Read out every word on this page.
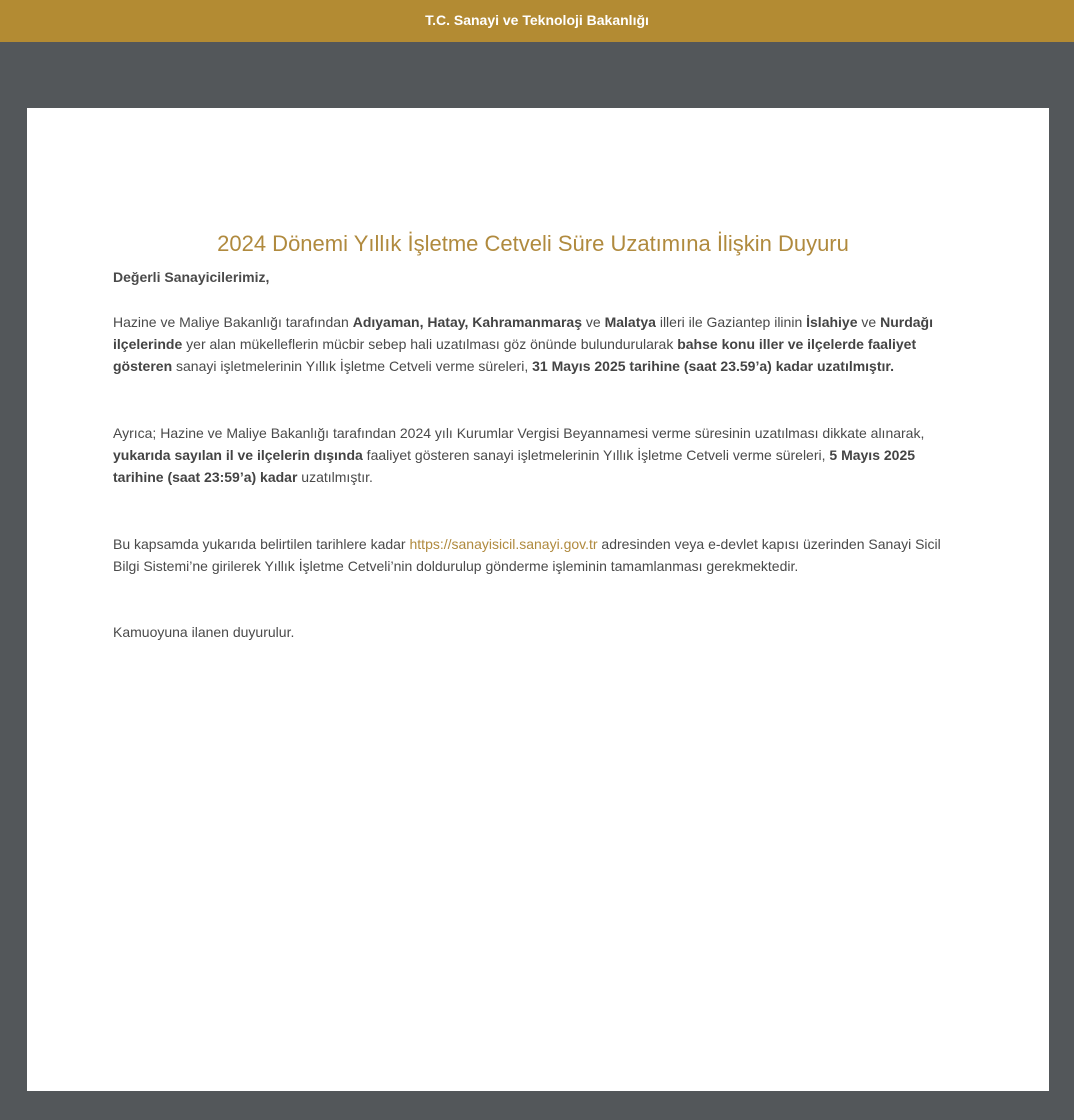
T.C. Sanayi ve Teknoloji Bakanlığı
2024 Dönemi Yıllık İşletme Cetveli Süre Uzatımına İlişkin Duyuru
Değerli Sanayicilerimiz,

Hazine ve Maliye Bakanlığı tarafından Adıyaman, Hatay, Kahramanmaraş ve Malatya illeri ile Gaziantep ilinin İslahiye ve Nurdağı ilçelerinde yer alan mükelleflerin mücbir sebep hali uzatılması göz önünde bulundurularak bahse konu iller ve ilçelerde faaliyet gösteren sanayi işletmelerinin Yıllık İşletme Cetveli verme süreleri, 31 Mayıs 2025 tarihine (saat 23.59’a) kadar uzatılmıştır.

Ayrıca; Hazine ve Maliye Bakanlığı tarafından 2024 yılı Kurumlar Vergisi Beyannamesi verme süresinin uzatılması dikkate alınarak, yukarıda sayılan il ve ilçelerin dışında faaliyet gösteren sanayi işletmelerinin Yıllık İşletme Cetveli verme süreleri, 5 Mayıs 2025 tarihine (saat 23:59’a) kadar uzatılmıştır.

Bu kapsamda yukarıda belirtilen tarihlere kadar https://sanayisicil.sanayi.gov.tr adresinden veya e-devlet kapısı üzerinden Sanayi Sicil Bilgi Sistemi’ne girilerek Yıllık İşletme Cetveli’nin doldurulup gönderme işleminin tamamlanması gerekmektedir.

Kamuoyuna ilanen duyurulur.
